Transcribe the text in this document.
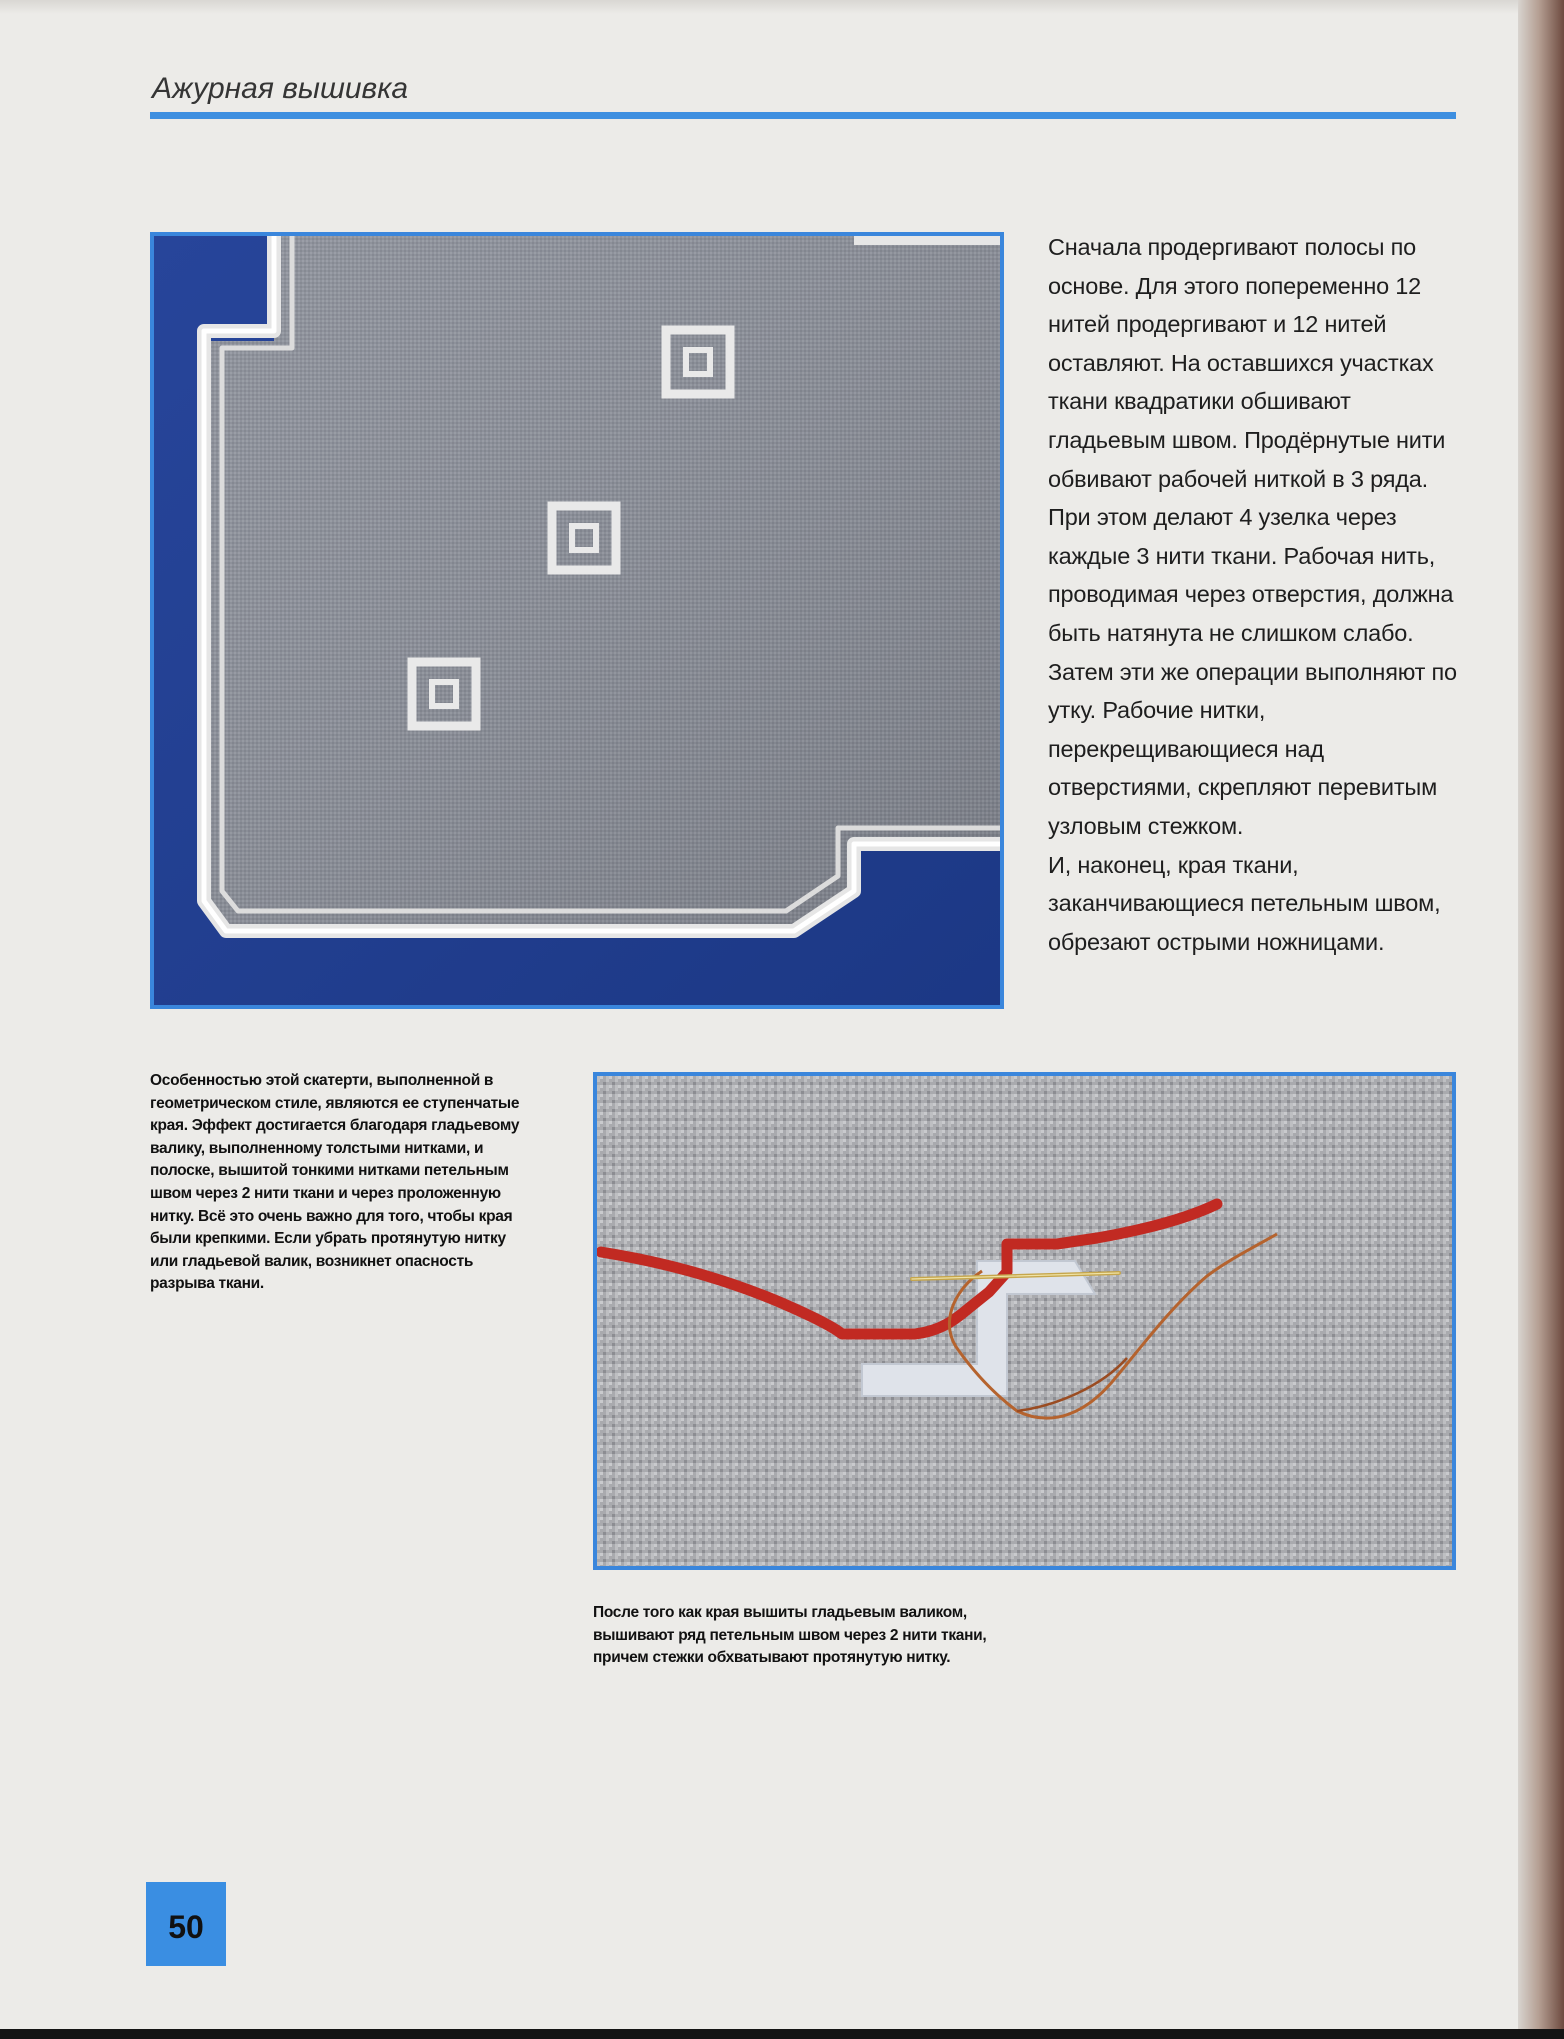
Ажурная вышивка

Сначала продергивают полосы по основе. Для этого попеременно 12 нитей продергивают и 12 нитей оставляют. На оставшихся участках ткани квадратики обшивают гладьевым швом. Продёрнутые нити обвивают рабочей ниткой в 3 ряда. При этом делают 4 узелка через каждые 3 нити ткани. Рабочая нить, проводимая через отверстия, должна быть натянута не слишком слабо.

Затем эти же операции выполняют по утку. Рабочие нитки, перекрещивающиеся над отверстиями, скрепляют перевитым узловым стежком.

И, наконец, края ткани, заканчивающиеся петельным швом, обрезают острыми ножницами.

Особенностью этой скатерти, выполненной в геометрическом стиле, являются ее ступенчатые края. Эффект достигается благодаря гладьевому валику, выполненному толстыми нитками, и полоске, вышитой тонкими нитками петельным швом через 2 нити ткани и через проложенную нитку. Всё это очень важно для того, чтобы края были крепкими. Если убрать протянутую нитку или гладьевой валик, возникнет опасность разрыва ткани.
После того как края вышиты гладьевым валиком, вышивают ряд петельным швом через 2 нити ткани, причем стежки обхватывают протянутую нитку.
50
